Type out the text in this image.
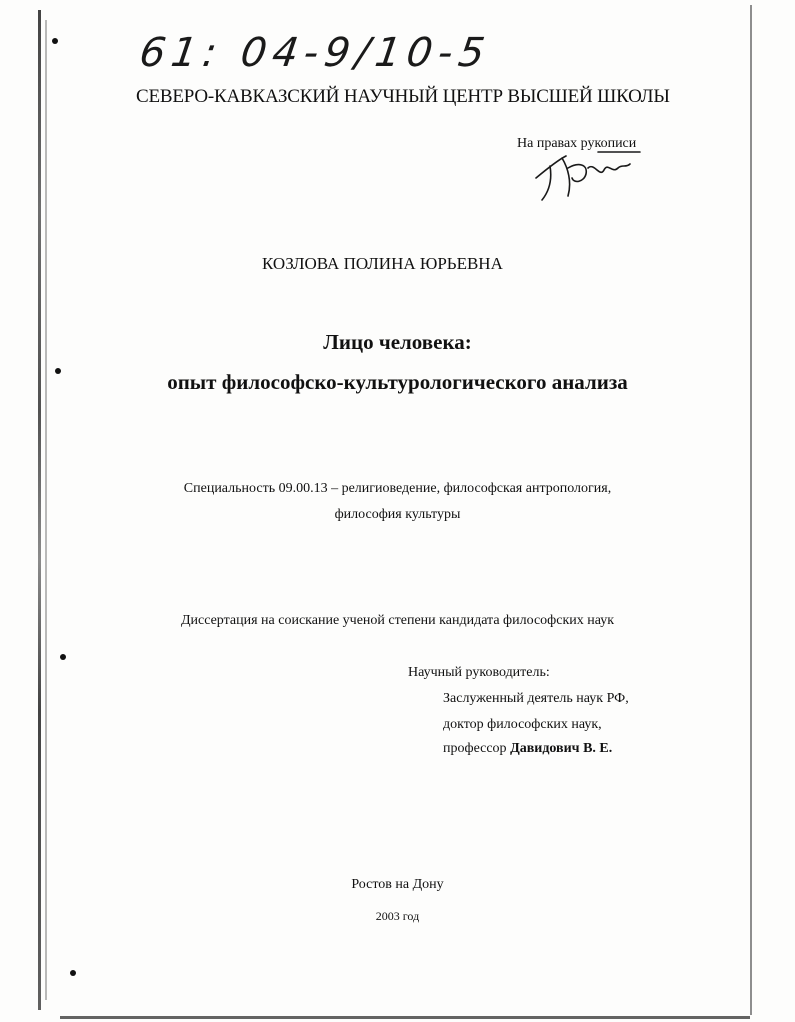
61: 04-9/10-5
СЕВЕРО-КАВКАЗСКИЙ НАУЧНЫЙ ЦЕНТР ВЫСШЕЙ ШКОЛЫ
На правах рукописи
КОЗЛОВА ПОЛИНА ЮРЬЕВНА
Лицо человека:
опыт философско-культурологического анализа
Специальность 09.00.13 – религиоведение, философская антропология,
философия культуры
Диссертация на соискание ученой степени кандидата философских наук
Научный руководитель:
Заслуженный деятель наук РФ,
доктор философских наук,
профессор Давидович В. Е.
Ростов на Дону
2003 год
